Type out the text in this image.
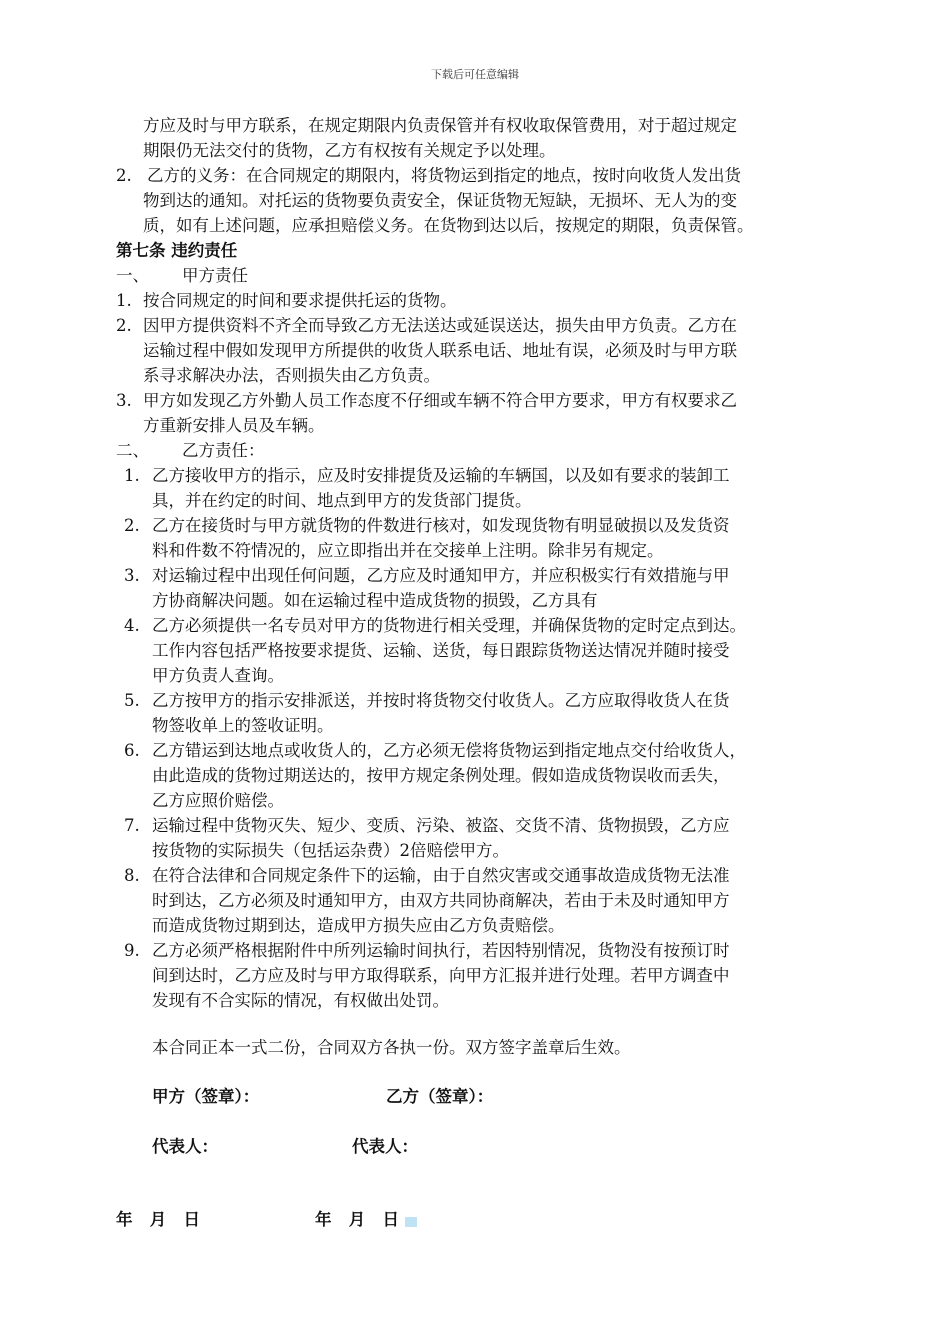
下载后可任意编辑
方应及时与甲方联系，在规定期限内负责保管并有权收取保管费用，对于超过规定
期限仍无法交付的货物，乙方有权按有关规定予以处理。
2. 乙方的义务：在合同规定的期限内，将货物运到指定的地点，按时向收货人发出货
物到达的通知。对托运的货物要负责安全，保证货物无短缺，无损坏、无人为的变
质，如有上述问题，应承担赔偿义务。在货物到达以后，按规定的期限，负责保管。
第七条 违约责任
一、 甲方责任
1. 按合同规定的时间和要求提供托运的货物。
2. 因甲方提供资料不齐全而导致乙方无法送达或延误送达，损失由甲方负责。乙方在
运输过程中假如发现甲方所提供的收货人联系电话、地址有误，必须及时与甲方联
系寻求解决办法，否则损失由乙方负责。
3. 甲方如发现乙方外勤人员工作态度不仔细或车辆不符合甲方要求，甲方有权要求乙
方重新安排人员及车辆。
二、 乙方责任：
1. 乙方接收甲方的指示，应及时安排提货及运输的车辆国，以及如有要求的装卸工
具，并在约定的时间、地点到甲方的发货部门提货。
2. 乙方在接货时与甲方就货物的件数进行核对，如发现货物有明显破损以及发货资
料和件数不符情况的，应立即指出并在交接单上注明。除非另有规定。
3. 对运输过程中出现任何问题，乙方应及时通知甲方，并应积极实行有效措施与甲
方协商解决问题。如在运输过程中造成货物的损毁，乙方具有
4. 乙方必须提供一名专员对甲方的货物进行相关受理，并确保货物的定时定点到达。
工作内容包括严格按要求提货、运输、送货，每日跟踪货物送达情况并随时接受
甲方负责人查询。
5. 乙方按甲方的指示安排派送，并按时将货物交付收货人。乙方应取得收货人在货
物签收单上的签收证明。
6. 乙方错运到达地点或收货人的，乙方必须无偿将货物运到指定地点交付给收货人，
由此造成的货物过期送达的，按甲方规定条例处理。假如造成货物误收而丢失，
乙方应照价赔偿。
7. 运输过程中货物灭失、短少、变质、污染、被盗、交货不清、货物损毁，乙方应
按货物的实际损失（包括运杂费）2倍赔偿甲方。
8. 在符合法律和合同规定条件下的运输，由于自然灾害或交通事故造成货物无法准
时到达，乙方必须及时通知甲方，由双方共同协商解决，若由于未及时通知甲方
而造成货物过期到达，造成甲方损失应由乙方负责赔偿。
9. 乙方必须严格根据附件中所列运输时间执行，若因特别情况，货物没有按预订时
间到达时，乙方应及时与甲方取得联系，向甲方汇报并进行处理。若甲方调查中
发现有不合实际的情况，有权做出处罚。
本合同正本一式二份，合同双方各执一份。双方签字盖章后生效。
甲方（签章）：	乙方（签章）：
代表人：	代表人：
年   月   日	年   月   日
